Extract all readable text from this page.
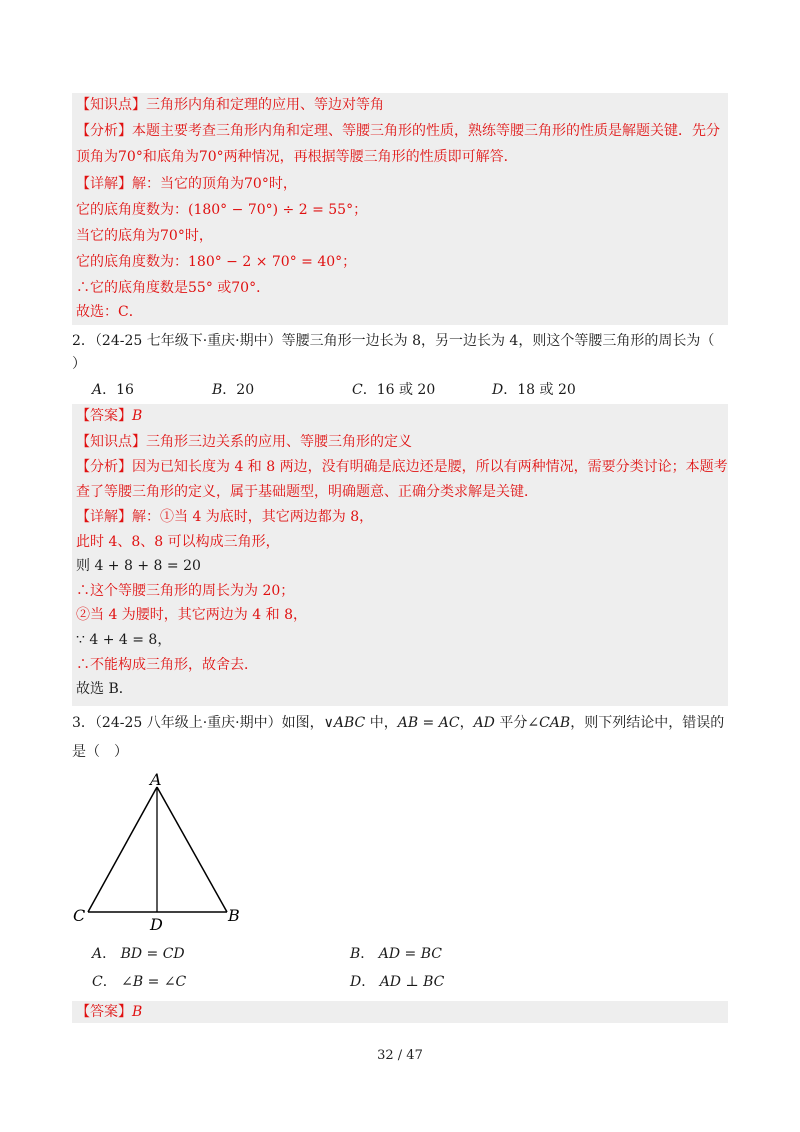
【知识点】三角形内角和定理的应用、等边对等角
【分析】本题主要考查三角形内角和定理、等腰三角形的性质，熟练等腰三角形的性质是解题关键．先分
顶角为70°和底角为70°两种情况，再根据等腰三角形的性质即可解答．
【详解】解：当它的顶角为70°时，
它的底角度数为：(180° − 70°) ÷ 2 = 55°；
当它的底角为70°时，
它的底角度数为：180° − 2 × 70° = 40°；
∴它的底角度数是55° 或70°．
故选：C．
2．（24-25 七年级下·重庆·期中）等腰三角形一边长为 8，另一边长为 4，则这个等腰三角形的周长为（
）
A．16	B．20	C．16 或 20	D．18 或 20
【答案】B
【知识点】三角形三边关系的应用、等腰三角形的定义
【分析】因为已知长度为 4 和 8 两边，没有明确是底边还是腰，所以有两种情况，需要分类讨论；本题考
查了等腰三角形的定义，属于基础题型，明确题意、正确分类求解是关键．
【详解】解：①当 4 为底时，其它两边都为 8，
此时 4、8、8 可以构成三角形，
则 4 + 8 + 8 = 20
∴这个等腰三角形的周长为为 20；
②当 4 为腰时，其它两边为 4 和 8，
∵ 4 + 4 = 8，
∴不能构成三角形，故舍去．
故选 B．
3．（24-25 八年级上·重庆·期中）如图，∨ABC 中，AB = AC，AD 平分∠CAB，则下列结论中，错误的
是（　）
A
C	B
D
A． BD = CD	B． AD = BC
C． ∠B = ∠C	D． AD ⊥ BC
【答案】B
32 / 47
